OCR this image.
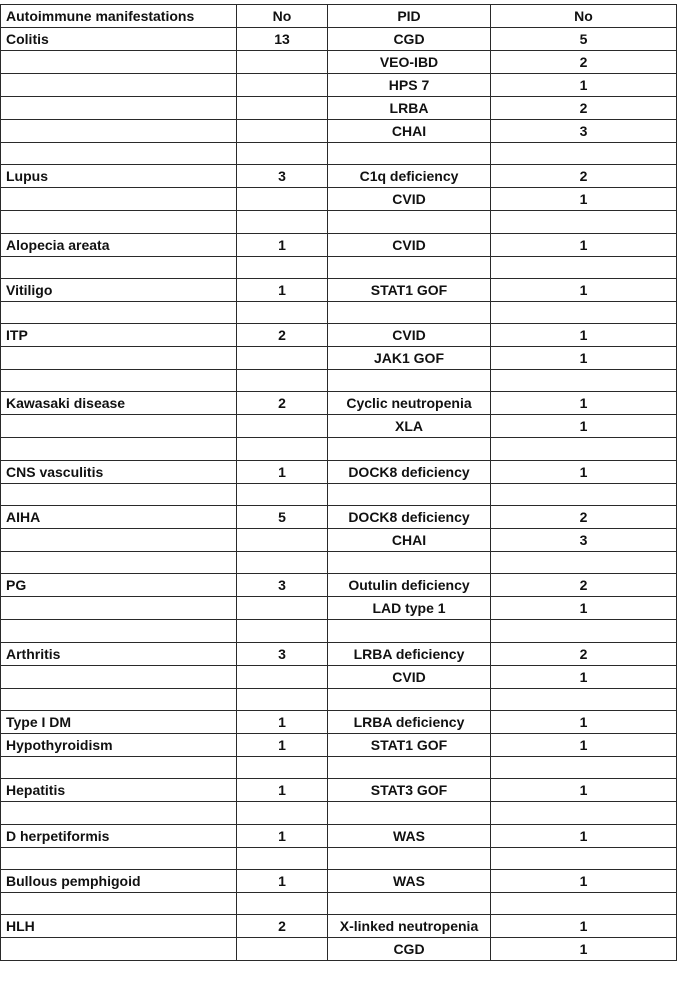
Autoimmune manifestations	No	PID	No
Colitis	13	CGD	5
		VEO-IBD	2
		HPS 7	1
		LRBA	2
		CHAI	3

Lupus	3	C1q deficiency	2
		CVID	1

Alopecia areata	1	CVID	1

Vitiligo	1	STAT1 GOF	1

ITP	2	CVID	1
		JAK1 GOF	1

Kawasaki disease	2	Cyclic neutropenia	1
		XLA	1

CNS vasculitis	1	DOCK8 deficiency	1

AIHA	5	DOCK8 deficiency	2
		CHAI	3

PG	3	Outulin deficiency	2
		LAD type 1	1

Arthritis	3	LRBA deficiency	2
		CVID	1

Type I DM	1	LRBA deficiency	1
Hypothyroidism	1	STAT1 GOF	1

Hepatitis	1	STAT3 GOF	1

D herpetiformis	1	WAS	1

Bullous pemphigoid	1	WAS	1

HLH	2	X-linked neutropenia	1
		CGD	1
